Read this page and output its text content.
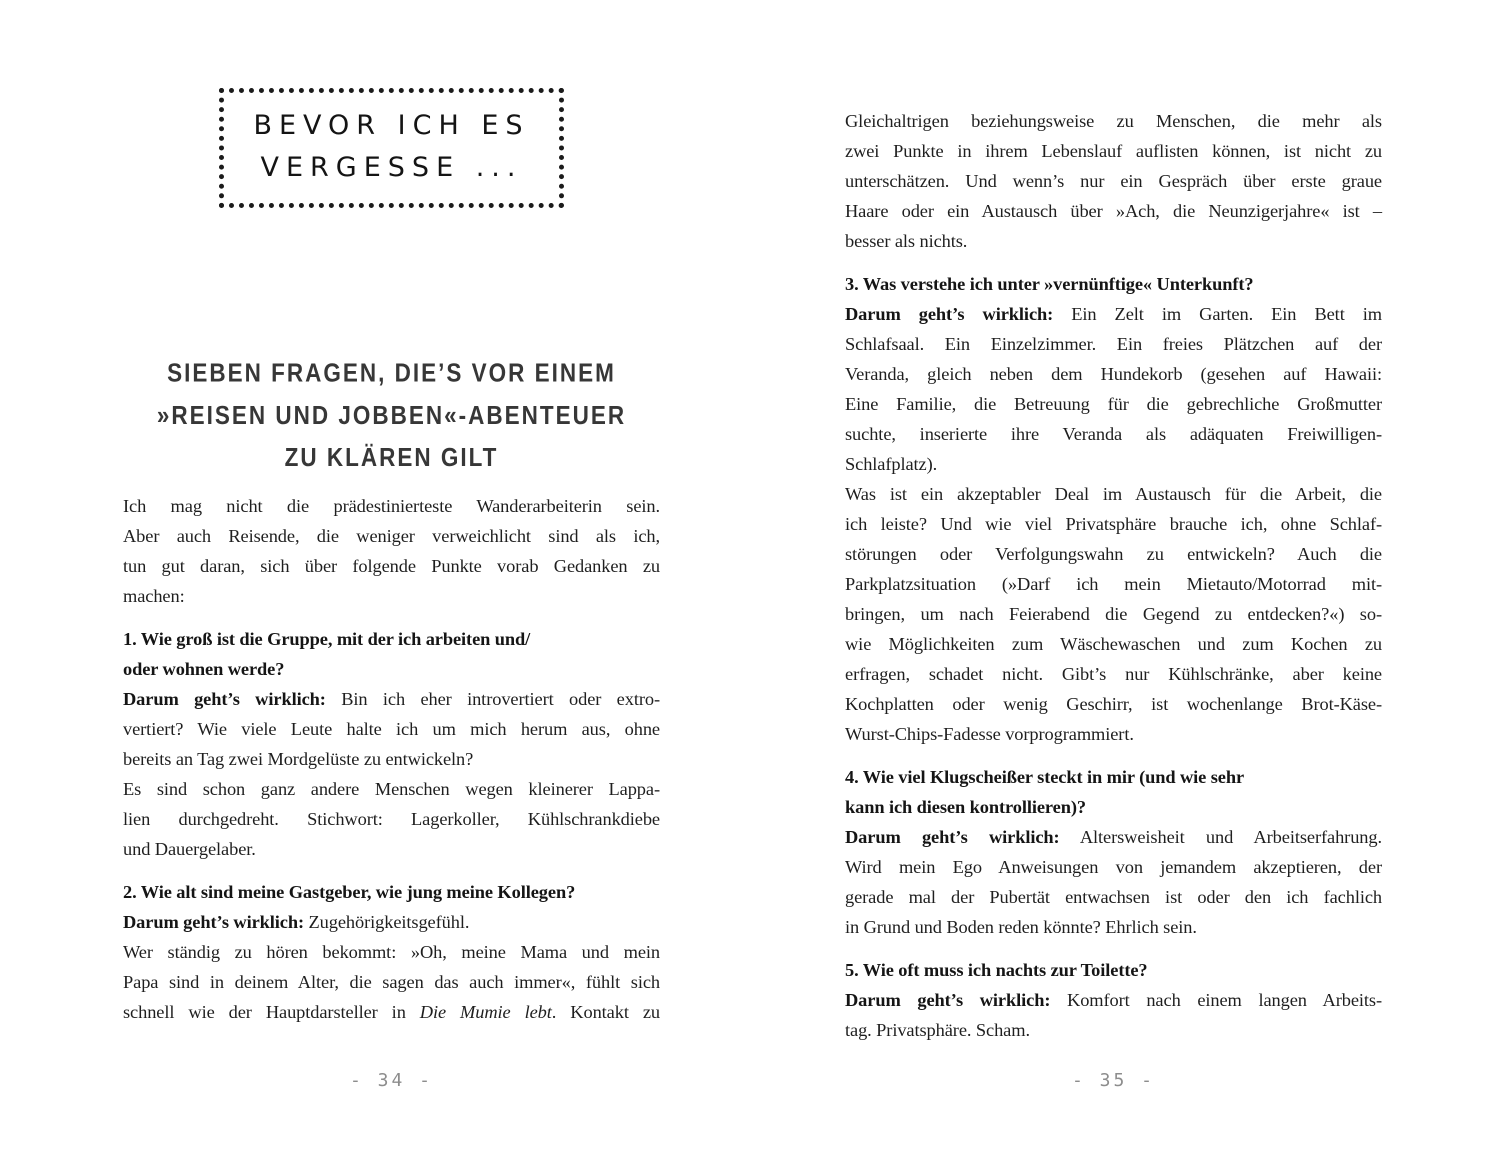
BEVOR ICH ES
VERGESSE ...
SIEBEN FRAGEN, DIE’S VOR EINEM
»REISEN UND JOBBEN«-ABENTEUER
ZU KLÄREN GILT
Ich mag nicht die prädestinierteste Wanderarbeiterin sein.
Aber auch Reisende, die weniger verweichlicht sind als ich,
tun gut daran, sich über folgende Punkte vorab Gedanken zu
machen:
1. Wie groß ist die Gruppe, mit der ich arbeiten und/
oder wohnen werde?
Darum geht’s wirklich: Bin ich eher introvertiert oder extro-
vertiert? Wie viele Leute halte ich um mich herum aus, ohne
bereits an Tag zwei Mordgelüste zu entwickeln?
Es sind schon ganz andere Menschen wegen kleinerer Lappa-
lien durchgedreht. Stichwort: Lagerkoller, Kühlschrankdiebe
und Dauergelaber.
2. Wie alt sind meine Gastgeber, wie jung meine Kollegen?
Darum geht’s wirklich: Zugehörigkeitsgefühl.
Wer ständig zu hören bekommt: »Oh, meine Mama und mein
Papa sind in deinem Alter, die sagen das auch immer«, fühlt sich
schnell wie der Hauptdarsteller in Die Mumie lebt. Kontakt zu
- 34 -
Gleichaltrigen beziehungsweise zu Menschen, die mehr als
zwei Punkte in ihrem Lebenslauf auflisten können, ist nicht zu
unterschätzen. Und wenn’s nur ein Gespräch über erste graue
Haare oder ein Austausch über »Ach, die Neunzigerjahre« ist –
besser als nichts.
3. Was verstehe ich unter »vernünftige« Unterkunft?
Darum geht’s wirklich: Ein Zelt im Garten. Ein Bett im
Schlafsaal. Ein Einzelzimmer. Ein freies Plätzchen auf der
Veranda, gleich neben dem Hundekorb (gesehen auf Hawaii:
Eine Familie, die Betreuung für die gebrechliche Großmutter
suchte, inserierte ihre Veranda als adäquaten Freiwilligen-
Schlafplatz).
Was ist ein akzeptabler Deal im Austausch für die Arbeit, die
ich leiste? Und wie viel Privatsphäre brauche ich, ohne Schlaf-
störungen oder Verfolgungswahn zu entwickeln? Auch die
Parkplatzsituation (»Darf ich mein Mietauto/Motorrad mit-
bringen, um nach Feierabend die Gegend zu entdecken?«) so-
wie Möglichkeiten zum Wäschewaschen und zum Kochen zu
erfragen, schadet nicht. Gibt’s nur Kühlschränke, aber keine
Kochplatten oder wenig Geschirr, ist wochenlange Brot-Käse-
Wurst-Chips-Fadesse vorprogrammiert.
4. Wie viel Klugscheißer steckt in mir (und wie sehr
kann ich diesen kontrollieren)?
Darum geht’s wirklich: Altersweisheit und Arbeitserfahrung.
Wird mein Ego Anweisungen von jemandem akzeptieren, der
gerade mal der Pubertät entwachsen ist oder den ich fachlich
in Grund und Boden reden könnte? Ehrlich sein.
5. Wie oft muss ich nachts zur Toilette?
Darum geht’s wirklich: Komfort nach einem langen Arbeits-
tag. Privatsphäre. Scham.
- 35 -
